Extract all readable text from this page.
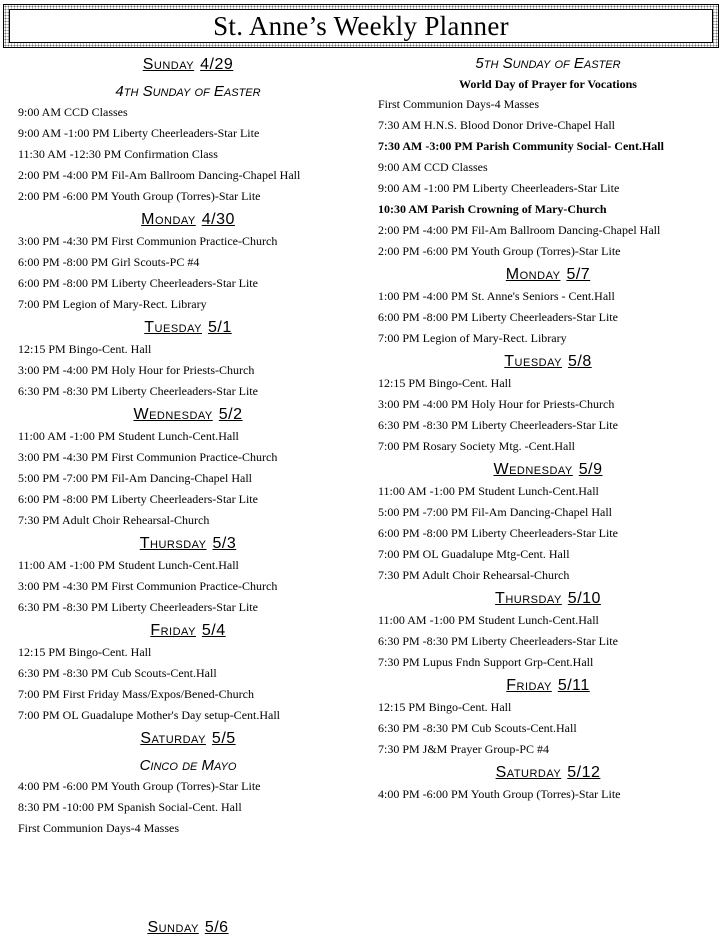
St. Anne’s Weekly Planner
Sunday 4/29
4th Sunday of Easter
9:00 AM CCD Classes
9:00 AM -1:00 PM Liberty Cheerleaders-Star Lite
11:30 AM -12:30 PM Confirmation Class
2:00 PM -4:00 PM Fil-Am Ballroom Dancing-Chapel Hall
2:00 PM -6:00 PM Youth Group (Torres)-Star Lite
Monday 4/30
3:00 PM -4:30 PM First Communion Practice-Church
6:00 PM -8:00 PM Girl Scouts-PC #4
6:00 PM -8:00 PM Liberty Cheerleaders-Star Lite
7:00 PM Legion of Mary-Rect. Library
Tuesday 5/1
12:15 PM Bingo-Cent. Hall
3:00 PM -4:00 PM Holy Hour for Priests-Church
6:30 PM -8:30 PM Liberty Cheerleaders-Star Lite
Wednesday 5/2
11:00 AM -1:00 PM Student Lunch-Cent.Hall
3:00 PM -4:30 PM First Communion Practice-Church
5:00 PM -7:00 PM Fil-Am Dancing-Chapel Hall
6:00 PM -8:00 PM Liberty Cheerleaders-Star Lite
7:30 PM Adult Choir Rehearsal-Church
Thursday 5/3
11:00 AM -1:00 PM Student Lunch-Cent.Hall
3:00 PM -4:30 PM First Communion Practice-Church
6:30 PM -8:30 PM Liberty Cheerleaders-Star Lite
Friday 5/4
12:15 PM Bingo-Cent. Hall
6:30 PM -8:30 PM Cub Scouts-Cent.Hall
7:00 PM First Friday Mass/Expos/Bened-Church
7:00 PM OL Guadalupe Mother's Day setup-Cent.Hall
Saturday 5/5
Cinco de Mayo
4:00 PM -6:00 PM Youth Group (Torres)-Star Lite
8:30 PM -10:00 PM Spanish Social-Cent. Hall
First Communion Days-4 Masses
Sunday 5/6
5th Sunday of Easter
World Day of Prayer for Vocations
First Communion Days-4 Masses
7:30 AM H.N.S. Blood Donor Drive-Chapel Hall
7:30 AM -3:00 PM Parish Community Social- Cent.Hall
9:00 AM CCD Classes
9:00 AM -1:00 PM Liberty Cheerleaders-Star Lite
10:30 AM Parish Crowning of Mary-Church
2:00 PM -4:00 PM Fil-Am Ballroom Dancing-Chapel Hall
2:00 PM -6:00 PM Youth Group (Torres)-Star Lite
Monday 5/7
1:00 PM -4:00 PM St. Anne's Seniors - Cent.Hall
6:00 PM -8:00 PM Liberty Cheerleaders-Star Lite
7:00 PM Legion of Mary-Rect. Library
Tuesday 5/8
12:15 PM Bingo-Cent. Hall
3:00 PM -4:00 PM Holy Hour for Priests-Church
6:30 PM -8:30 PM Liberty Cheerleaders-Star Lite
7:00 PM Rosary Society Mtg. -Cent.Hall
Wednesday 5/9
11:00 AM -1:00 PM Student Lunch-Cent.Hall
5:00 PM -7:00 PM Fil-Am Dancing-Chapel Hall
6:00 PM -8:00 PM Liberty Cheerleaders-Star Lite
7:00 PM OL Guadalupe Mtg-Cent. Hall
7:30 PM Adult Choir Rehearsal-Church
Thursday 5/10
11:00 AM -1:00 PM Student Lunch-Cent.Hall
6:30 PM -8:30 PM Liberty Cheerleaders-Star Lite
7:30 PM Lupus Fndn Support Grp-Cent.Hall
Friday 5/11
12:15 PM Bingo-Cent. Hall
6:30 PM -8:30 PM Cub Scouts-Cent.Hall
7:30 PM J&M Prayer Group-PC #4
Saturday 5/12
4:00 PM -6:00 PM Youth Group (Torres)-Star Lite
